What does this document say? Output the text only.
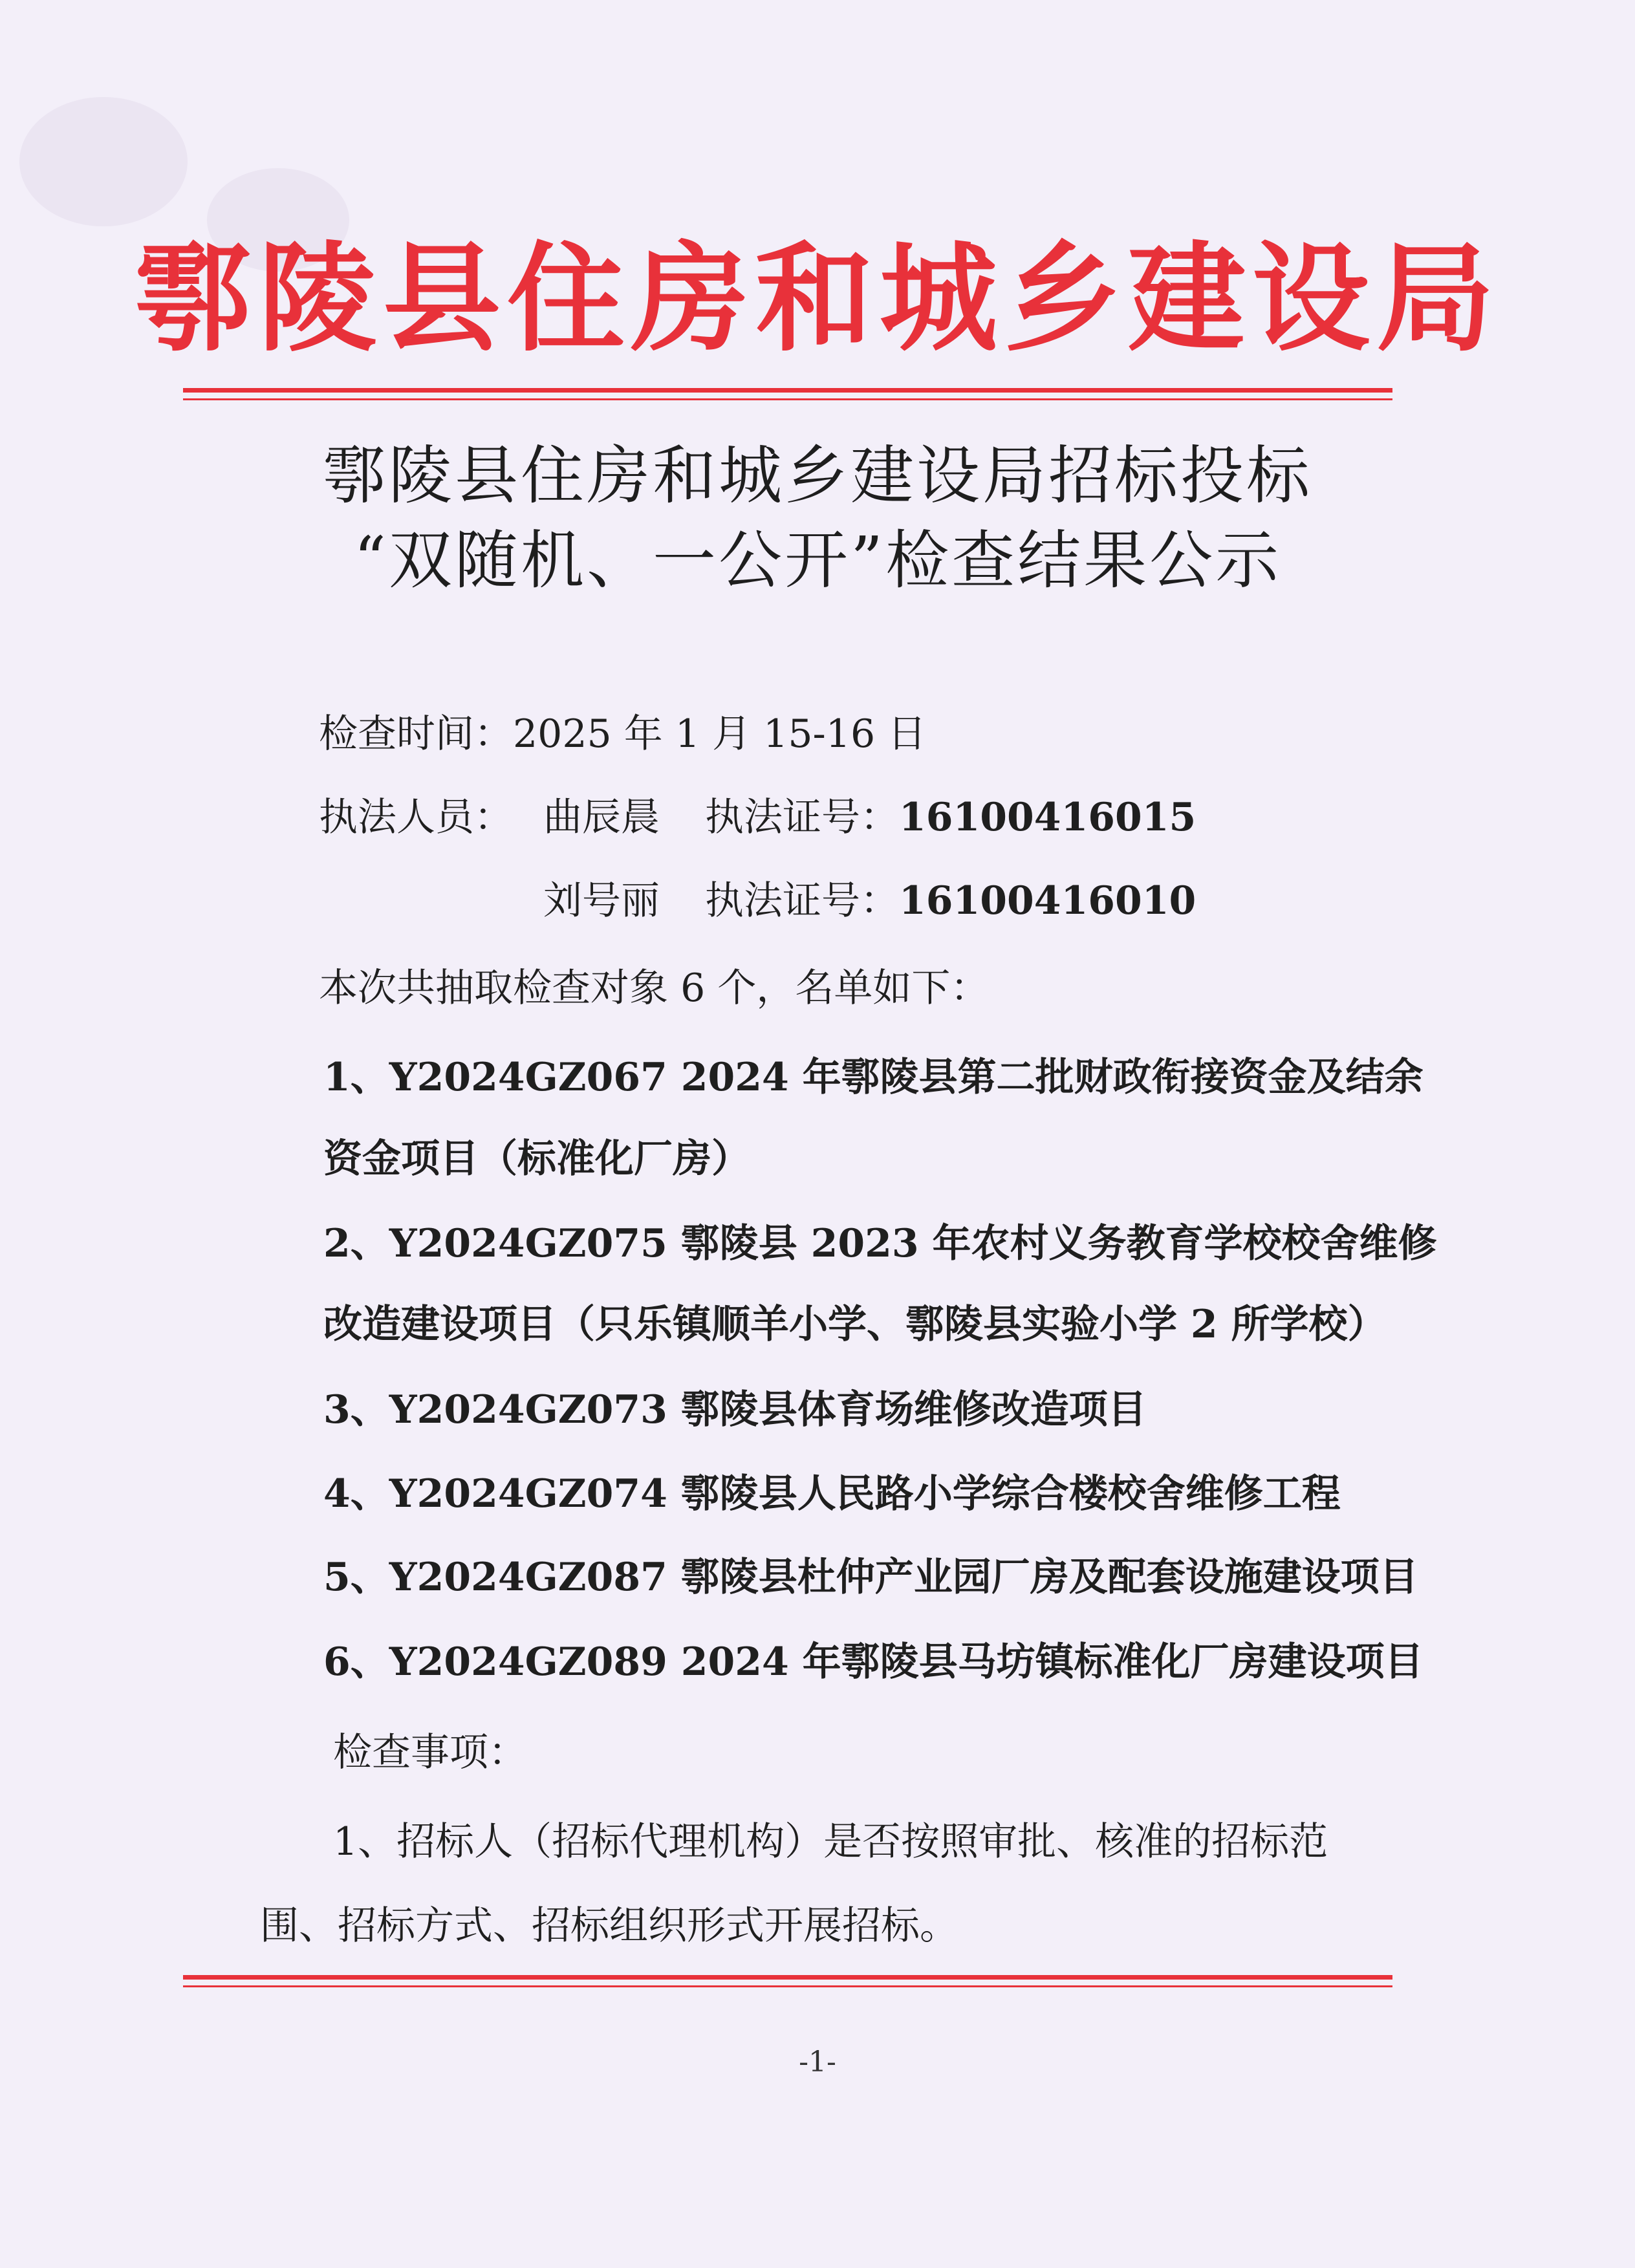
鄠陵县住房和城乡建设局
鄠陵县住房和城乡建设局招标投标
“双随机、一公开”检查结果公示
检查时间：2025 年 1 月 15-16 日
执法人员： 曲辰晨 执法证号：16100416015
刘号丽 执法证号：16100416010
本次共抽取检查对象 6 个，名单如下：
1、Y2024GZ067 2024 年鄠陵县第二批财政衔接资金及结余
资金项目（标准化厂房）
2、Y2024GZ075 鄠陵县 2023 年农村义务教育学校校舍维修
改造建设项目（只乐镇顺羊小学、鄠陵县实验小学 2 所学校）
3、Y2024GZ073 鄠陵县体育场维修改造项目
4、Y2024GZ074 鄠陵县人民路小学综合楼校舍维修工程
5、Y2024GZ087 鄠陵县杜仲产业园厂房及配套设施建设项目
6、Y2024GZ089 2024 年鄠陵县马坊镇标准化厂房建设项目
检查事项：
1、招标人（招标代理机构）是否按照审批、核准的招标范
围、招标方式、招标组织形式开展招标。
-1-
